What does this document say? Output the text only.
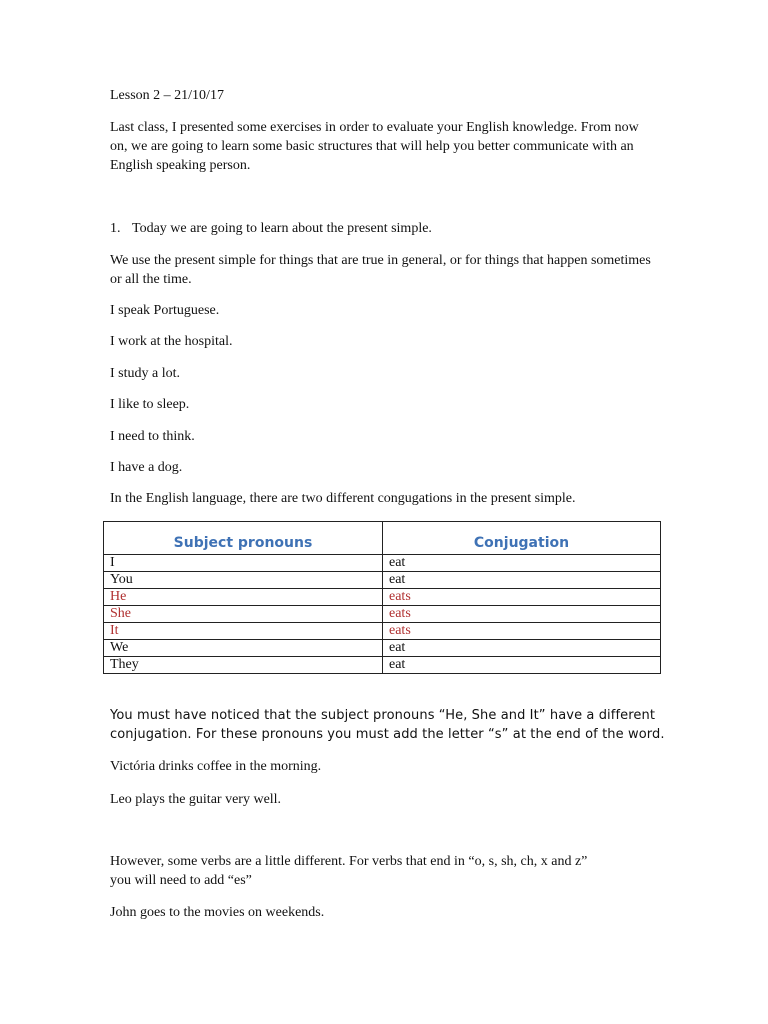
Lesson 2 – 21/10/17

Last class, I presented some exercises in order to evaluate your English knowledge. From now on, we are going to learn some basic structures that will help you better communicate with an English speaking person.

1. Today we are going to learn about the present simple.

We use the present simple for things that are true in general, or for things that happen sometimes or all the time.

I speak Portuguese.

I work at the hospital.

I study a lot.

I like to sleep.

I need to think.

I have a dog.

In the English language, there are two different congugations in the present simple.

Subject pronouns	Conjugation
I	eat
You	eat
He	eats
She	eats
It	eats
We	eat
They	eat

You must have noticed that the subject pronouns “He, She and It” have a different

conjugation. For these pronouns you must add the letter “s” at the end of the word.

Victória drinks coffee in the morning.

Leo plays the guitar very well.

However, some verbs are a little different. For verbs that end in “o, s, sh, ch, x and z”

you will need to add “es”

John goes to the movies on weekends.
